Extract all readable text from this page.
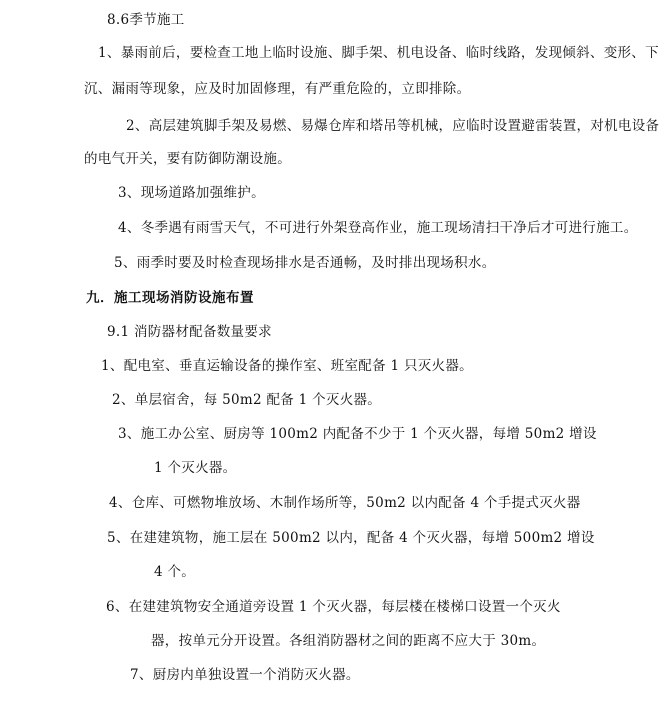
8.6季节施工
1、暴雨前后，要检查工地上临时设施、脚手架、机电设备、临时线路，发现倾斜、变形、下
沉、漏雨等现象，应及时加固修理，有严重危险的，立即排除。
2、高层建筑脚手架及易燃、易爆仓库和塔吊等机械，应临时设置避雷装置，对机电设备
的电气开关，要有防御防潮设施。
3、现场道路加强维护。
4、冬季遇有雨雪天气，不可进行外架登高作业，施工现场清扫干净后才可进行施工。
5、雨季时要及时检查现场排水是否通畅，及时排出现场积水。
九．施工现场消防设施布置
9.1 消防器材配备数量要求
1、配电室、垂直运输设备的操作室、班室配备 1 只灭火器。
2、单层宿舍，每 50m2 配备 1 个灭火器。
3、施工办公室、厨房等 100m2 内配备不少于 1 个灭火器，每增 50m2 增设
1 个灭火器。
4、仓库、可燃物堆放场、木制作场所等，50m2 以内配备 4 个手提式灭火器
5、在建建筑物，施工层在 500m2 以内，配备 4 个灭火器，每增 500m2 增设
4 个。
6、在建建筑物安全通道旁设置 1 个灭火器，每层楼在楼梯口设置一个灭火
器，按单元分开设置。各组消防器材之间的距离不应大于 30m。
7、厨房内单独设置一个消防灭火器。
